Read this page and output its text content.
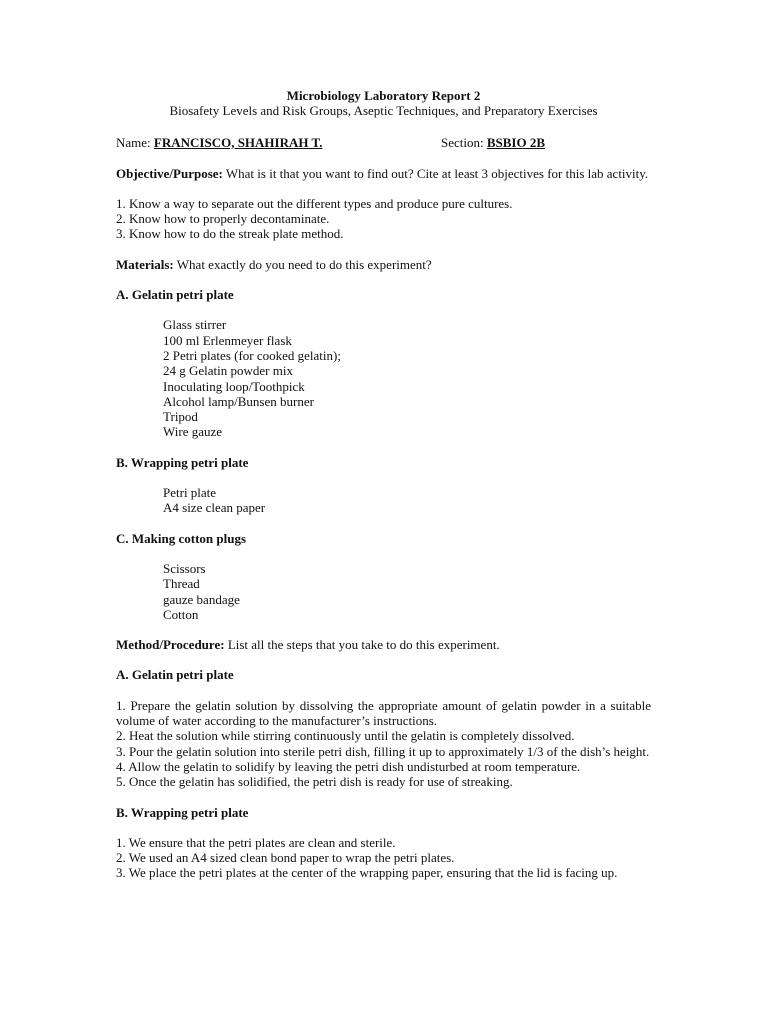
Microbiology Laboratory Report 2

Biosafety Levels and Risk Groups, Aseptic Techniques, and Preparatory Exercises

Name: FRANCISCO, SHAHIRAH T.	Section: BSBIO 2B

Objective/Purpose: What is it that you want to find out? Cite at least 3 objectives for this lab activity.

1. Know a way to separate out the different types and produce pure cultures.

2. Know how to properly decontaminate.

3. Know how to do the streak plate method.

Materials: What exactly do you need to do this experiment?

A. Gelatin petri plate

Glass stirrer

100 ml Erlenmeyer flask

2 Petri plates (for cooked gelatin);

24 g Gelatin powder mix

Inoculating loop/Toothpick

Alcohol lamp/Bunsen burner

Tripod

Wire gauze

B. Wrapping petri plate

Petri plate

A4 size clean paper

C. Making cotton plugs

Scissors

Thread

gauze bandage

Cotton

Method/Procedure: List all the steps that you take to do this experiment.

A. Gelatin petri plate

1. Prepare the gelatin solution by dissolving the appropriate amount of gelatin powder in a suitable volume of water according to the manufacturer’s instructions.

2. Heat the solution while stirring continuously until the gelatin is completely dissolved.

3. Pour the gelatin solution into sterile petri dish, filling it up to approximately 1/3 of the dish’s height.

4. Allow the gelatin to solidify by leaving the petri dish undisturbed at room temperature.

5. Once the gelatin has solidified, the petri dish is ready for use of streaking.

B. Wrapping petri plate

1. We ensure that the petri plates are clean and sterile.

2. We used an A4 sized clean bond paper to wrap the petri plates.

3. We place the petri plates at the center of the wrapping paper, ensuring that the lid is facing up.
